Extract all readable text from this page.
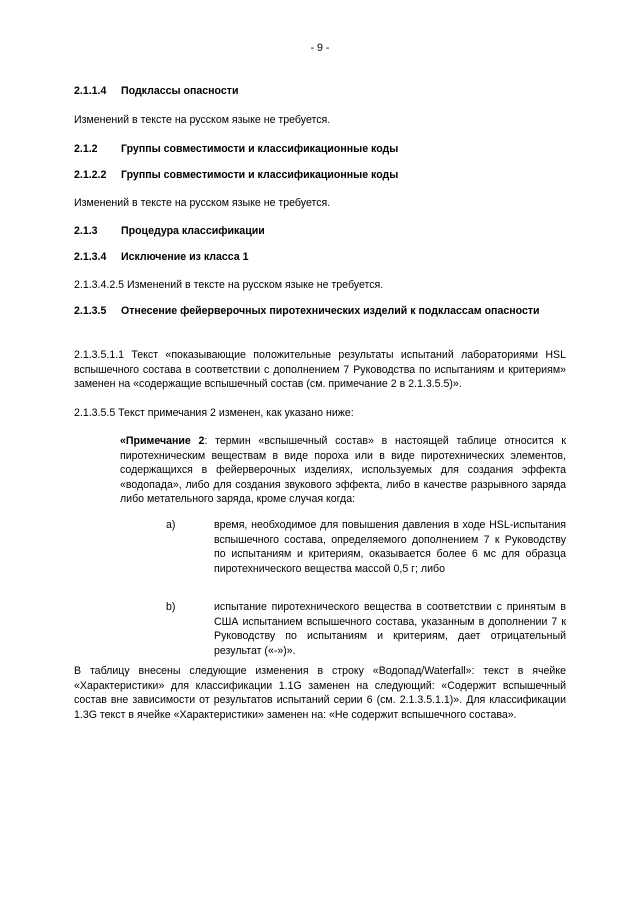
- 9 -
2.1.1.4 Подклассы опасности
Изменений в тексте на русском языке не требуется.
2.1.2 Группы совместимости и классификационные коды
2.1.2.2 Группы совместимости и классификационные коды
Изменений в тексте на русском языке не требуется.
2.1.3 Процедура классификации
2.1.3.4 Исключение из класса 1
2.1.3.4.2.5 Изменений в тексте на русском языке не требуется.
2.1.3.5	Отнесение фейерверочных пиротехнических изделий к подклассам опасности
2.1.3.5.1.1 Текст «показывающие положительные результаты испытаний лабораториями HSL вспышечного состава в соответствии с дополнением 7 Руководства по испытаниям и критериям» заменен на «содержащие вспышечный состав (см. примечание 2 в 2.1.3.5.5)».
2.1.3.5.5 Текст примечания 2 изменен, как указано ниже:
«Примечание 2: термин «вспышечный состав» в настоящей таблице относится к пиротехническим веществам в виде пороха или в виде пиротехнических элементов, содержащихся в фейерверочных изделиях, используемых для создания эффекта «водопада», либо для создания звукового эффекта, либо в качестве разрывного заряда либо метательного заряда, кроме случая когда:
a)	время, необходимое для повышения давления в ходе HSL-испытания вспышечного состава, определяемого дополнением 7 к Руководству по испытаниям и критериям, оказывается более 6 мс для образца пиротехнического вещества массой 0,5 г; либо
b)	испытание пиротехнического вещества в соответствии с принятым в США испытанием вспышечного состава, указанным в дополнении 7 к Руководству по испытаниям и критериям, дает отрицательный результат («-»)».
В таблицу внесены следующие изменения в строку «Водопад/Waterfall»: текст в ячейке «Характеристики» для классификации 1.1G заменен на следующий: «Содержит вспышечный состав вне зависимости от результатов испытаний серии 6 (см. 2.1.3.5.1.1)». Для классификации 1.3G текст в ячейке «Характеристики» заменен на: «Не содержит вспышечного состава».
